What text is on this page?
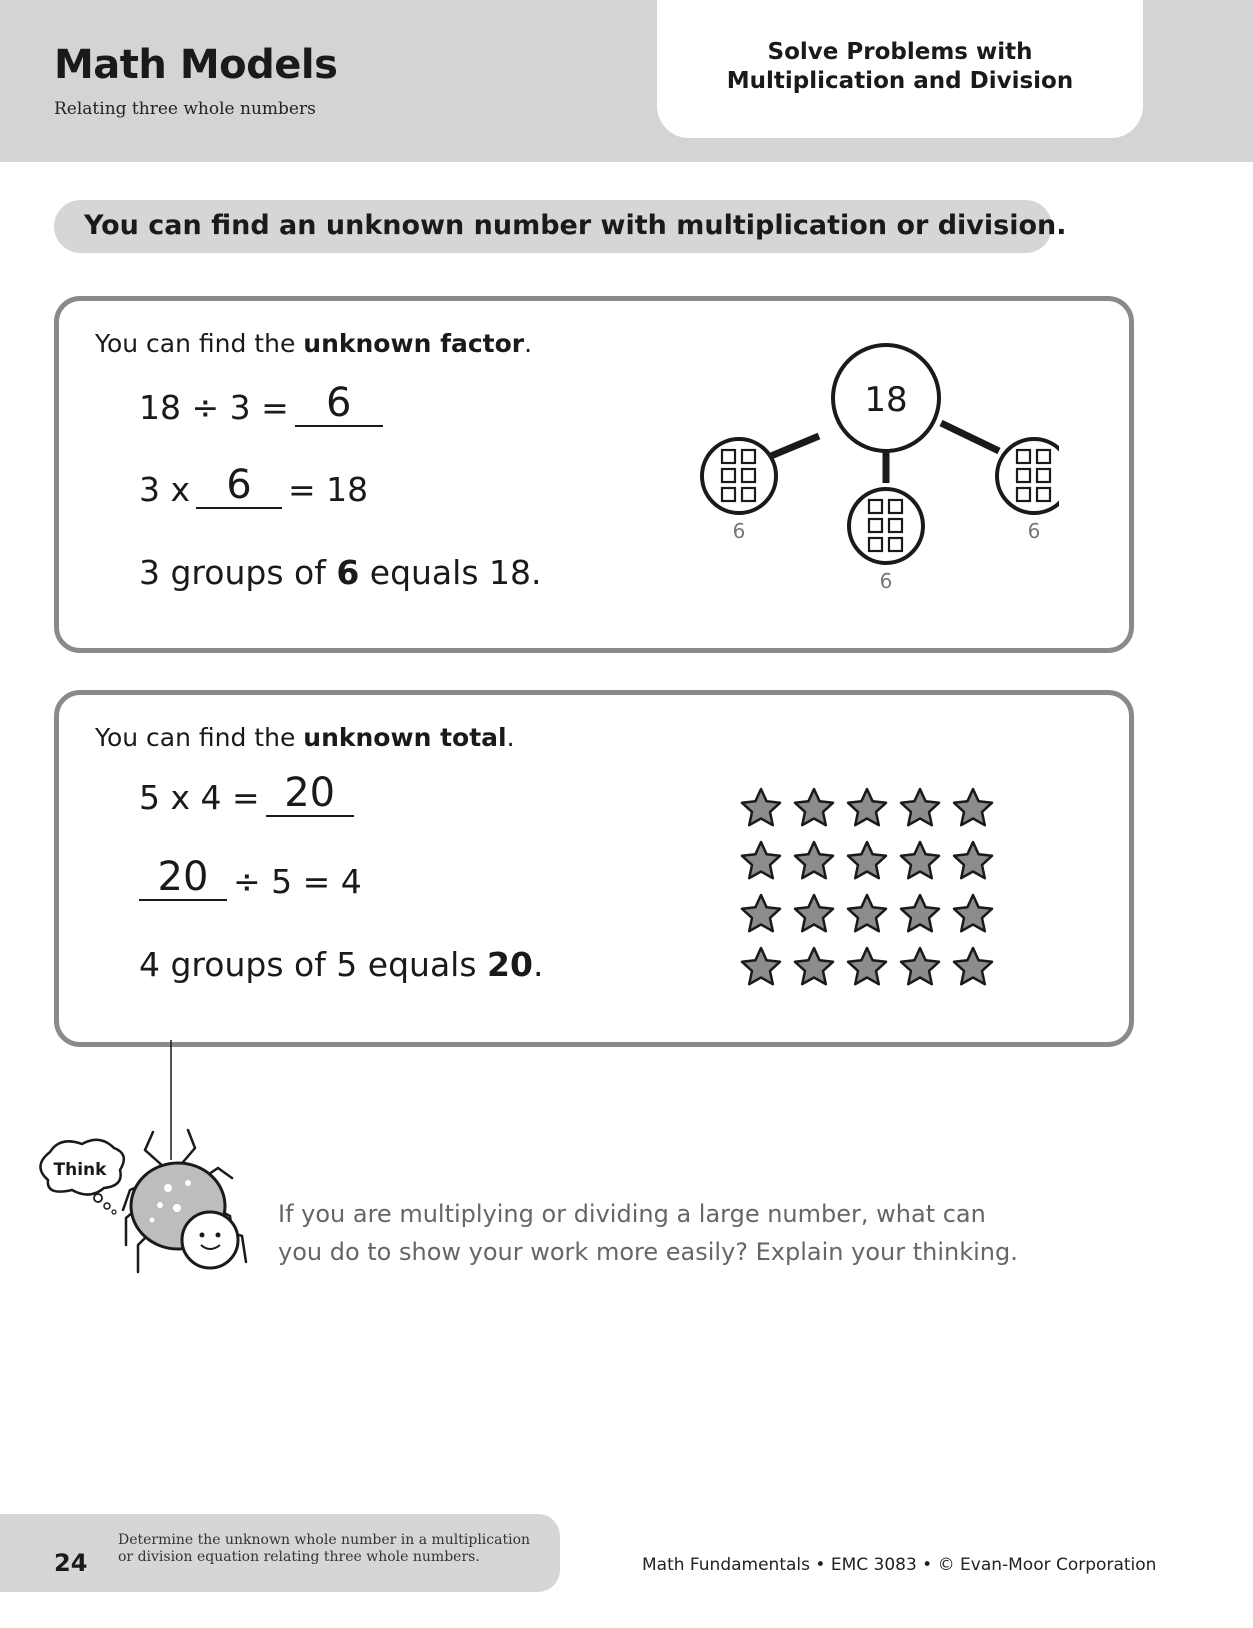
Math Models
Relating three whole numbers
Solve Problems with
Multiplication and Division
You can find an unknown number with multiplication or division.
You can find the unknown factor.
18 ÷ 3 = 6
3 x 6	= 18
3 groups of 6 equals 18.
18
6
6
6
You can find the unknown total.
5 x 4 = 20
20 ÷ 5 = 4
4 groups of 5 equals 20.
Think
If you are multiplying or dividing a large number, what can
you do to show your work more easily? Explain your thinking.
24
Determine the unknown whole number in a multiplication
or division equation relating three whole numbers.	Math Fundamentals • EMC 3083 • © Evan-Moor Corporation
